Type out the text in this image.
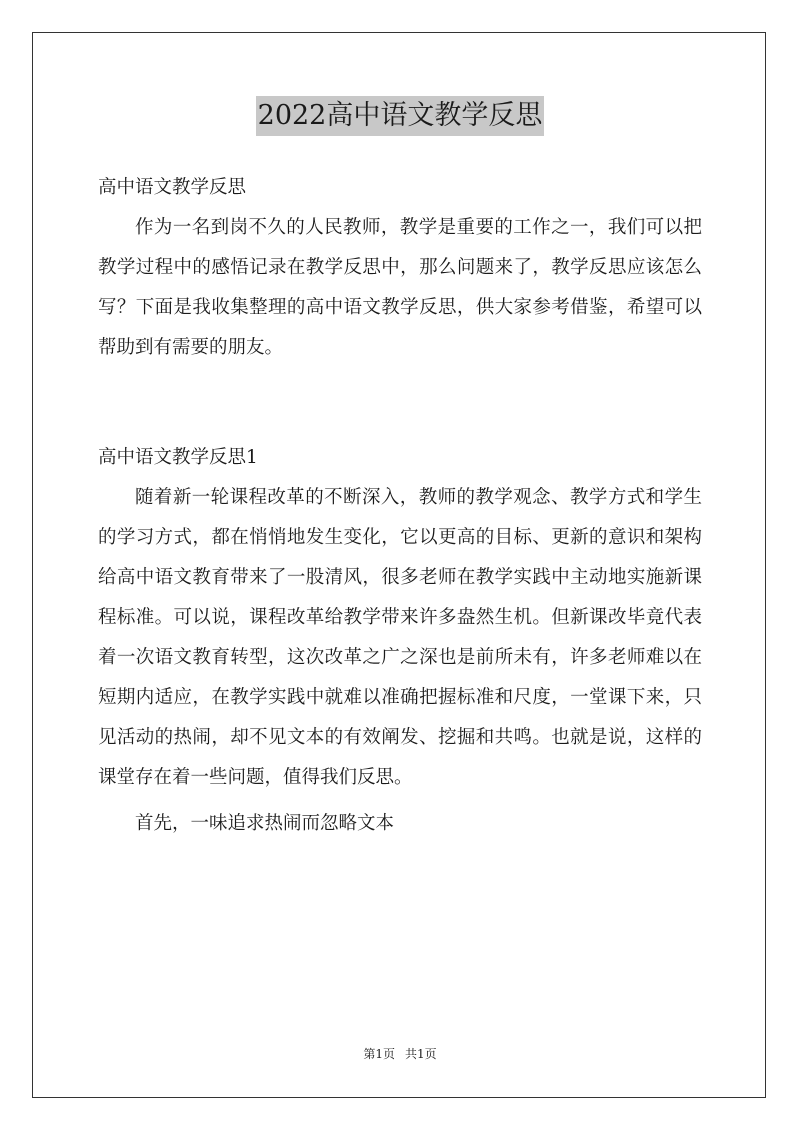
2022高中语文教学反思

高中语文教学反思

作为一名到岗不久的人民教师，教学是重要的工作之一，我们可以把教学过程中的感悟记录在教学反思中，那么问题来了，教学反思应该怎么写？下面是我收集整理的高中语文教学反思，供大家参考借鉴，希望可以帮助到有需要的朋友。

高中语文教学反思1

随着新一轮课程改革的不断深入，教师的教学观念、教学方式和学生的学习方式，都在悄悄地发生变化，它以更高的目标、更新的意识和架构给高中语文教育带来了一股清风，很多老师在教学实践中主动地实施新课程标准。可以说，课程改革给教学带来许多盎然生机。但新课改毕竟代表着一次语文教育转型，这次改革之广之深也是前所未有，许多老师难以在短期内适应，在教学实践中就难以准确把握标准和尺度，一堂课下来，只见活动的热闹，却不见文本的有效阐发、挖掘和共鸣。也就是说，这样的课堂存在着一些问题，值得我们反思。

首先，一味追求热闹而忽略文本

第1页 共1页
